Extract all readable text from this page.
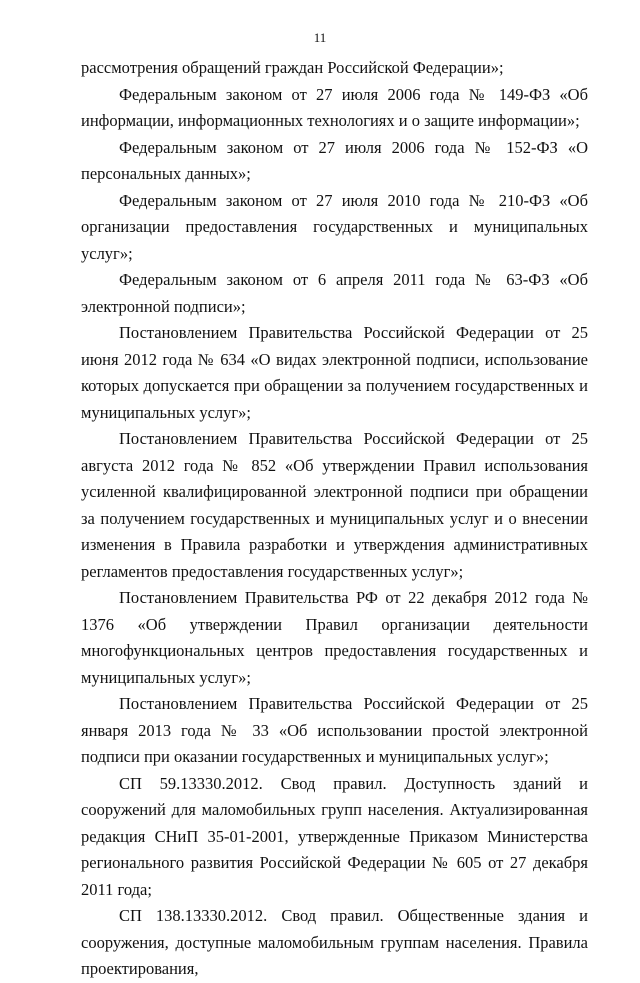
11

рассмотрения обращений граждан Российской Федерации»;

Федеральным законом от 27 июля 2006 года № 149-ФЗ «Об информации, информационных технологиях и о защите информации»;

Федеральным законом от 27 июля 2006 года № 152-ФЗ «О персональных данных»;

Федеральным законом от 27 июля 2010 года № 210-ФЗ «Об организации предоставления государственных и муниципальных услуг»;

Федеральным законом от 6 апреля 2011 года № 63-ФЗ «Об электронной подписи»;

Постановлением Правительства Российской Федерации от 25 июня 2012 года № 634 «О видах электронной подписи, использование которых допускается при обращении за получением государственных и муниципальных услуг»;

Постановлением Правительства Российской Федерации от 25 августа 2012 года № 852 «Об утверждении Правил использования усиленной квалифицированной электронной подписи при обращении за получением государственных и муниципальных услуг и о внесении изменения в Правила разработки и утверждения административных регламентов предоставления государственных услуг»;

Постановлением Правительства РФ от 22 декабря 2012 года № 1376 «Об утверждении Правил организации деятельности многофункциональных центров предоставления государственных и муниципальных услуг»;

Постановлением Правительства Российской Федерации от 25 января 2013 года № 33 «Об использовании простой электронной подписи при оказании государственных и муниципальных услуг»;

СП 59.13330.2012. Свод правил. Доступность зданий и сооружений для маломобильных групп населения. Актуализированная редакция СНиП 35-01-2001, утвержденные Приказом Министерства регионального развития Российской Федерации № 605 от 27 декабря 2011 года;

СП 138.13330.2012. Свод правил. Общественные здания и сооружения, доступные маломобильным группам населения. Правила проектирования,
